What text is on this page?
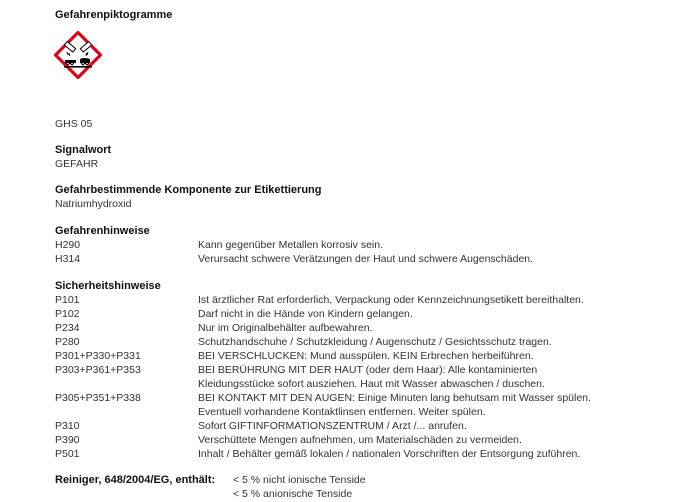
Gefahrenpiktogramme
GHS 05
Signalwort
GEFAHR
Gefahrbestimmende Komponente zur Etikettierung
Natriumhydroxid
Gefahrenhinweise
H290	Kann gegenüber Metallen korrosiv sein.
H314	Verursacht schwere Verätzungen der Haut und schwere Augenschäden.
Sicherheitshinweise
P101	Ist ärztlicher Rat erforderlich, Verpackung oder Kennzeichnungsetikett bereithalten.
P102	Darf nicht in die Hände von Kindern gelangen.
P234	Nur im Originalbehälter aufbewahren.
P280	Schutzhandschuhe / Schutzkleidung / Augenschutz / Gesichtsschutz tragen.
P301+P330+P331	BEI VERSCHLUCKEN: Mund ausspülen. KEIN Erbrechen herbeiführen.
P303+P361+P353	BEI BERÜHRUNG MIT DER HAUT (oder dem Haar): Alle kontaminierten
Kleidungsstücke sofort ausziehen. Haut mit Wasser abwaschen / duschen.
P305+P351+P338	BEI KONTAKT MIT DEN AUGEN: Einige Minuten lang behutsam mit Wasser spülen.
Eventuell vorhandene Kontaktlinsen entfernen. Weiter spülen.
P310	Sofort GIFTINFORMATIONSZENTRUM / Arzt /... anrufen.
P390	Verschüttete Mengen aufnehmen, um Materialschäden zu vermeiden.
P501	Inhalt / Behälter gemäß lokalen / nationalen Vorschriften der Entsorgung zuführen.
Reiniger, 648/2004/EG, enthält:	< 5 % nicht ionische Tenside
< 5 % anionische Tenside
